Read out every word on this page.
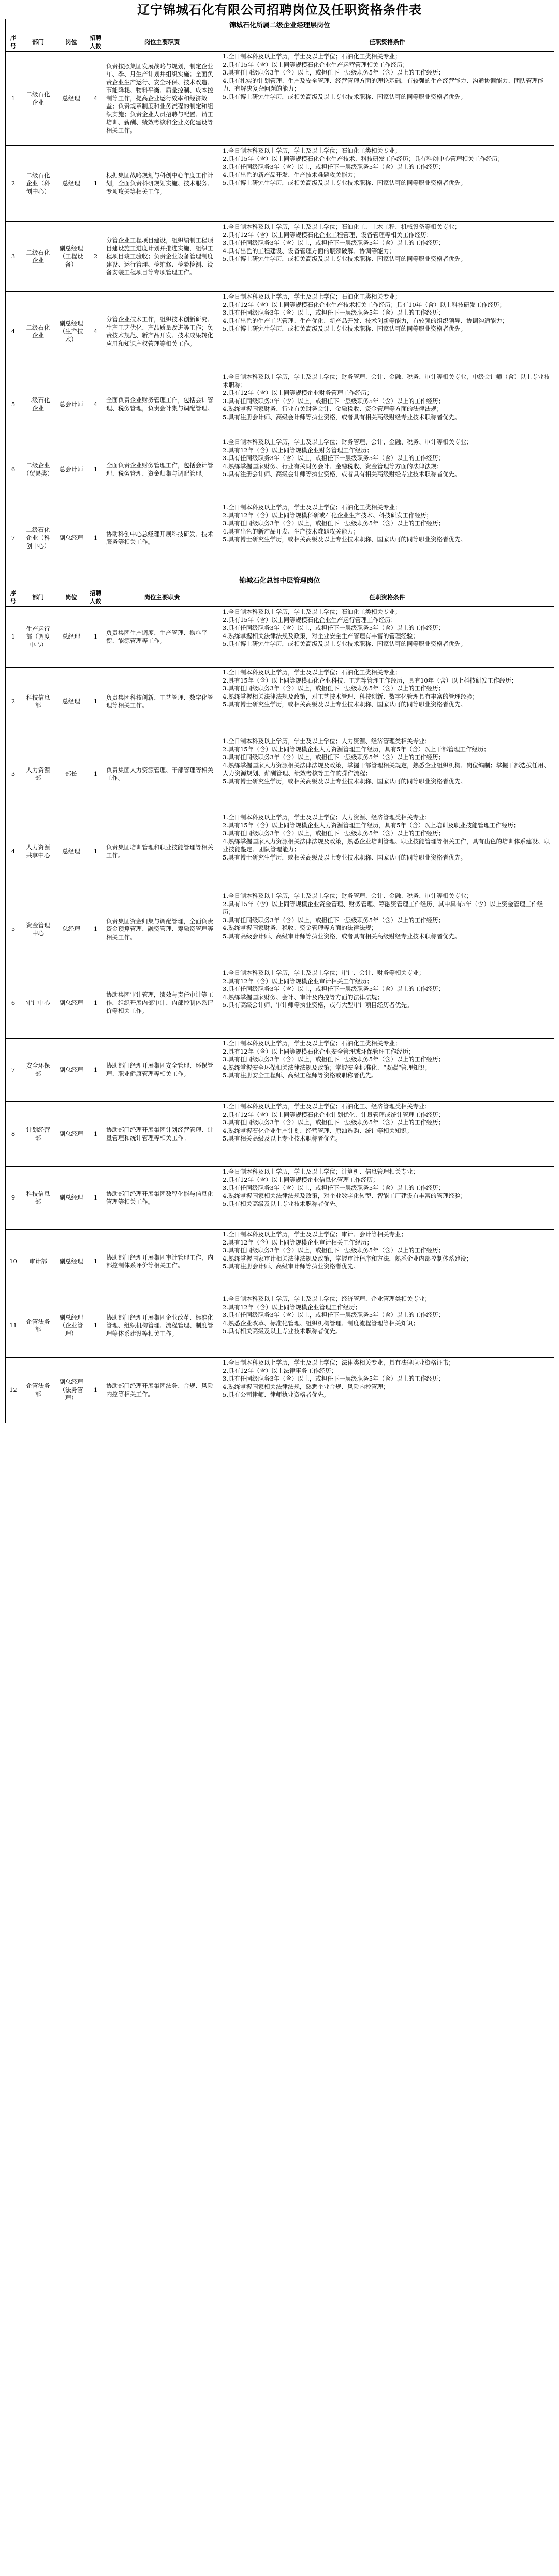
辽宁锦城石化有限公司招聘岗位及任职资格条件表
锦城石化所属二级企业经理层岗位					
序号	部门	岗位	招聘人数	岗位主要职责	任职资格条件
1	二级石化企业	总经理	4	负责按照集团发展战略与规划，制定企业年、季、月生产计划并组织实施；全面负责企业生产运行、安全环保、技术改造、节能降耗、物料平衡、质量控制、成本控制等工作，提高企业运行效率和经济效益；负责规章制度和业务流程的制定和组织实施；负责企业人员招聘与配置、员工培训、薪酬、绩效考核和企业文化建设等相关工作。	1.全日制本科及以上学历，学士及以上学位；石油化工类相关专业；

2.具有15年（含）以上同等规模石化企业生产运营管理相关工作经历；

3.具有任同级职务3年（含）以上，或担任下一层级职务5年（含）以上的工作经历；

4.具有扎实的计划管理、生产及安全管理、经营管理方面的理论基础，有较强的生产经营能力、沟通协调能力、团队管理能力、有解决复杂问题的能力；

5.具有博士研究生学历，或相关高级及以上专业技术职称、国家认可的同等职业资格者优先。

2	二级石化企业（科创中心）	总经理	1	根据集团战略规划与科创中心年度工作计划，全面负责科研规划实施、技术服务、专项攻关等相关工作。	1.全日制本科及以上学历，学士及以上学位；石油化工类相关专业；

2.具有15年（含）以上同等规模石化企业生产技术、科技研发工作经历；具有科创中心管理相关工作经历；

3.具有任同级职务3年（含）以上，或担任下一层级职务5年（含）以上的工作经历；

4.具有出色的新产品开发、生产技术难题攻关能力；

5.具有博士研究生学历，或相关高级及以上专业技术职称、国家认可的同等职业资格者优先。

3	二级石化企业	副总经理（工程设备）	2	分管企业工程项目建设，组织编制工程项目建设施工进度计划并推进实施，组织工程项目竣工验收；负责企业设备管理制度建设、运行管理、检维修、检验检测、设备安装工程项目等专项管理工作。	1.全日制本科及以上学历，学士及以上学位；石油化工、土木工程、机械设备等相关专业；

2.具有12年（含）以上同等规模石化企业工程管理、设备管理等相关工作经历；

3.具有任同级职务3年（含）以上，或担任下一层级职务5年（含）以上的工作经历；

4.具有出色的工程建设、设备管理方面的瓶颈破解、协调等能力；

5.具有博士研究生学历，或相关高级及以上专业技术职称、国家认可的同等职业资格者优先。

4	二级石化企业	副总经理（生产技术）	4	分管企业技术工作，组织技术创新研究、生产工艺优化、产品质量改进等工作；负责技术规范、新产品开发、技术成果转化应用和知识产权管理等相关工作。	1.全日制本科及以上学历，学士及以上学位；石油化工类相关专业；

2.具有12年（含）以上同等规模石化企业生产技术相关工作经历；具有10年（含）以上科技研发工作经历；

3.具有任同级职务3年（含）以上，或担任下一层级职务5年（含）以上的工作经历；

4.具有出色的生产工艺管理、生产优化、新产品开发、技术创新等能力，有较强的组织领导、协调沟通能力；

5.具有博士研究生学历，或相关高级及以上专业技术职称、国家认可的同等职业资格者优先。

5	二级石化企业	总会计师	4	全面负责企业财务管理工作，包括会计管理、税务管理，负责会计集与调配管理。	1.全日制本科及以上学历，学士及以上学位；财务管理、会计、金融、税务、审计等相关专业，中级会计师（含）以上专业技术职称；

2.具有12年（含）以上同等规模企业财务管理工作经历；

3.具有任同级职务3年（含）以上，或担任下一层级职务5年（含）以上的工作经历；

4.熟练掌握国家财务、行业有关财务会计、金融税收、资金管理等方面的法律法规；

5.具有注册会计师、高级会计师等执业资格，或者具有相关高级财经专业技术职称者优先。

6	二级企业（贸易类）	总会计师	1	全面负责企业财务管理工作，包括会计管理、税务管理、资金归集与调配管理。	1.全日制本科及以上学历，学士及以上学位；财务管理、会计、金融、税务、审计等相关专业；

2.具有12年（含）以上同等规模企业财务管理工作经历；

3.具有任同级职务3年（含）以上，或担任下一层级职务5年（含）以上的工作经历；

4.熟练掌握国家财务、行业有关财务会计、金融税收、资金管理等方面的法律法规；

5.具有注册会计师、高级会计师等执业资格，或者具有相关高级财经专业技术职称者优先。

7	二级石化企业（科创中心）	副总经理	1	协助科创中心总经理开展科技研发、技术服务等相关工作。	1.全日制本科及以上学历，学士及以上学位；石油化工类相关专业；

2.具有12年（含）以上同等规模科研或石化企业生产技术、科技研发工作经历；

3.具有任同级职务3年（含）以上，或担任下一层级职务5年（含）以上的工作经历；

4.具有出色的新产品开发、生产技术难题攻关能力；

5.具有博士研究生学历，或相关高级及以上专业技术职称、国家认可的同等职业资格者优先。

锦城石化总部中层管理岗位					
序号	部门	岗位	招聘人数	岗位主要职责	任职资格条件
1	生产运行部（调度中心）	总经理	1	负责集团生产调度、生产管理、物料平衡、能源管理等工作。	1.全日制本科及以上学历，学士及以上学位；石油化工类相关专业；

2.具有15年（含）以上同等规模石化企业生产运行管理工作经历；

3.具有任同级职务3年（含）以上，或担任下一层级职务5年（含）以上的工作经历；

4.熟练掌握相关法律法规及政策，对企业安全生产管理有丰富的管理经验；

5.具有博士研究生学历，或相关高级及以上专业技术职称、国家认可的同等职业资格者优先。

2	科技信息部	总经理	1	负责集团科技创新、工艺管理、数字化管理等相关工作。	1.全日制本科及以上学历，学士及以上学位；石油化工类相关专业；

2.具有15年（含）以上同等规模石化企业科技、工艺等管理工作经历，具有10年（含）以上科技研发工作经历；

3.具有任同级职务3年（含）以上，或担任下一层级职务5年（含）以上的工作经历；

4.熟练掌握相关法律法规及政策，对工艺技术管理、科技创新、数字化管理具有丰富的管理经验；

5.具有博士研究生学历，或相关高级及以上专业技术职称、国家认可的同等职业资格者优先。

3	人力资源部	部长	1	负责集团人力资源管理、干部管理等相关工作。	1.全日制本科及以上学历，学士及以上学位；人力资源、经济管理类相关专业；

2.具有15年（含）以上同等规模企业人力资源管理工作经历，具有5年（含）以上干部管理工作经历；

3.具有任同级职务3年（含）以上，或担任下一层级职务5年（含）以上的工作经历；

4.熟练掌握国家人力资源相关法律法规及政策，掌握干部管理相关规定，熟悉企业组织机构、岗位编制；掌握干部选拔任用、人力资源规划、薪酬管理、绩效考核等工作的操作流程；

5.具有博士研究生学历，或相关高级及以上专业技术职称、国家认可的同等职业资格者优先。

4	人力资源共享中心	总经理	1	负责集团培训管理和职业技能管理等相关工作。	1.全日制本科及以上学历，学士及以上学位；人力资源、经济管理类相关专业；

2.具有15年（含）以上同等规模企业人力资源管理工作经历，具有5年（含）以上培训及职业技能管理工作经历；

3.具有任同级职务3年（含）以上，或担任下一层级职务5年（含）以上的工作经历；

4.熟练掌握国家人力资源相关法律法规及政策，熟悉企业培训管理、职业技能管理等相关工作，具有出色的培训体系建设、职业技能鉴定、团队管理能力；

5.具有博士研究生学历，或相关高级及以上专业技术职称、国家认可的同等职业资格者优先。

5	资金管理中心	总经理	1	负责集团资金归集与调配管理，全面负责资金预算管理、融资管理、筹融资管理等相关工作。	1.全日制本科及以上学历，学士及以上学位；财务管理、会计、金融、税务、审计等相关专业；

2.具有15年（含）以上同等规模企业资金管理、财务管理、筹融资管理工作经历，其中具有5年（含）以上资金管理工作经历；

3.具有任同级职务3年（含）以上，或担任下一层级职务5年（含）以上的工作经历；

4.熟练掌握国家财务、税收、资金管理等方面的法律法规；

5.具有高级会计师、高级审计师等执业资格，或者具有相关高级财经专业技术职称者优先。

6	审计中心	副总经理	1	协助集团审计管理，绩效与责任审计等工作，组织开展内部审计、内部控制体系评价等相关工作。	1.全日制本科及以上学历，学士及以上学位；审计、会计、财务等相关专业；

2.具有12年（含）以上同等规模企业审计相关工作经历；

3.具有任同级职务3年（含）以上，或担任下一层级职务5年（含）以上的工作经历；

4.熟练掌握国家财务、会计、审计及内控等方面的法律法规；

5.具有高级会计师、审计师等执业资格，或有大型审计项目经历者优先。

7	安全环保部	副总经理	1	协助部门经理开展集团安全管理、环保管理、职业健康管理等相关工作。	1.全日制本科及以上学历，学士及以上学位；石油化工类相关专业；

2.具有12年（含）以上同等规模石化企业安全管理或环保管理工作经历；

3.具有任同级职务3年（含）以上，或担任下一层级职务5年（含）以上的工作经历；

4.熟练掌握安全环保相关法律法规及政策；掌握安全标准化、“双碳”管理知识；

5.具有注册安全工程师、高级工程师等资格或职称者优先。

8	计划经营部	副总经理	1	协助部门经理开展集团计划经营管理、计量管理和统计管理等相关工作。	1.全日制本科及以上学历，学士及以上学位；石油化工、经济管理类相关专业；

2.具有12年（含）以上同等规模石化企业计划优化、计量管理或统计管理工作经历；

3.具有任同级职务3年（含）以上，或担任下一层级职务5年（含）以上的工作经历；

4.熟练掌握石化企业生产计划、经营管理、原油选购、统计等相关知识；

5.具有相关高级及以上专业技术职称者优先。

9	科技信息部	副总经理	1	协助部门经理开展集团数智化能与信息化管理等相关工作。	1.全日制本科及以上学历，学士及以上学位；计算机、信息管理相关专业；

2.具有12年（含）以上同等规模企业信息化管理工作经历；

3.具有任同级职务3年（含）以上，或担任下一层级职务5年（含）以上的工作经历；

4.熟练掌握国家相关法律法规及政策，对企业数字化转型、智能工厂建设有丰富的管理经验；

5.具有相关高级及以上专业技术职称者优先。

10	审计部	副总经理	1	协助部门经理开展集团审计管理工作，内部控制体系评价等相关工作。	1.全日制本科及以上学历，学士及以上学位；审计、会计等相关专业；

2.具有12年（含）以上同等规模企业审计相关工作经历；

3.具有任同级职务3年（含）以上，或担任下一层级职务5年（含）以上的工作经历；

4.熟练掌握国家审计相关法律法规及政策，掌握审计程序和方法，熟悉企业内部控制体系建设；

5.具有注册会计师、高级审计师等执业资格者优先。

11	企管法务部	副总经理（企业管理）	1	协助部门经理开展集团企业改革、标准化管理、组织机构管理、流程管理、制度管理等体系建设等相关工作。	1.全日制本科及以上学历，学士及以上学位；经济管理、企业管理类相关专业；

2.具有12年（含）以上同等规模企业管理工作经历；

3.具有任同级职务3年（含）以上，或担任下一层级职务5年（含）以上的工作经历；

4.熟悉企业改革、标准化管理、组织机构管理、制度流程管理等相关知识；

5.具有相关高级及以上专业技术职称者优先。

12	企管法务部	副总经理（法务管理）	1	协助部门经理开展集团法务、合规、风险内控等相关工作。	1.全日制本科及以上学历，学士及以上学位；法律类相关专业，具有法律职业资格证书；

2.具有12年（含）以上法律事务工作经历；

3.具有任同级职务3年（含）以上，或担任下一层级职务5年（含）以上的工作经历；

4.熟练掌握国家相关法律法规，熟悉企业合规、风险内控管理；

5.具有公司律师、律师执业资格者优先。
